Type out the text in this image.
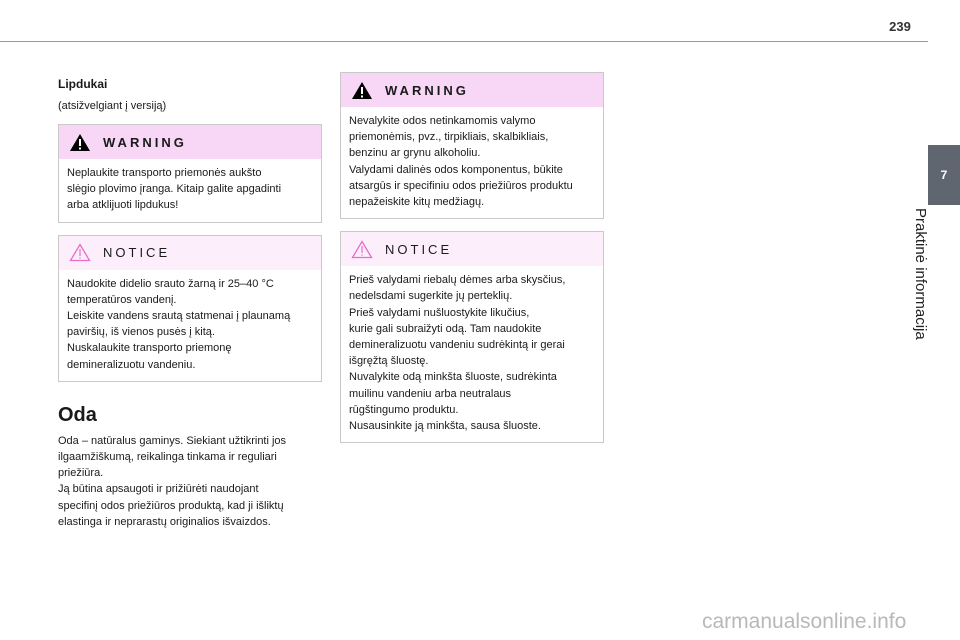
239
7
Praktinė informacija
Lipdukai
(atsižvelgiant į versiją)
WARNING
Neplaukite transporto priemonės aukšto
slėgio plovimo įranga. Kitaip galite apgadinti
arba atklijuoti lipdukus!
NOTICE
Naudokite didelio srauto žarną ir 25–40 °C
temperatūros vandenį.
Leiskite vandens srautą statmenai į plaunamą
paviršių, iš vienos pusės į kitą.
Nuskalaukite transporto priemonę
demineralizuotu vandeniu.
Oda
Oda – natūralus gaminys. Siekiant užtikrinti jos
ilgaamžiškumą, reikalinga tinkama ir reguliari
priežiūra.
Ją būtina apsaugoti ir prižiūrėti naudojant
specifinį odos priežiūros produktą, kad ji išliktų
elastinga ir neprarastų originalios išvaizdos.
WARNING
Nevalykite odos netinkamomis valymo
priemonėmis, pvz., tirpikliais, skalbikliais,
benzinu ar grynu alkoholiu.
Valydami dalinės odos komponentus, būkite
atsargūs ir specifiniu odos priežiūros produktu
nepažeiskite kitų medžiagų.
NOTICE
Prieš valydami riebalų dėmes arba skysčius,
nedelsdami sugerkite jų perteklių.
Prieš valydami nušluostykite likučius,
kurie gali subraižyti odą. Tam naudokite
demineralizuotu vandeniu sudrėkintą ir gerai
išgręžtą šluostę.
Nuvalykite odą minkšta šluoste, sudrėkinta
muilinu vandeniu arba neutralaus
rūgštingumo produktu.
Nusausinkite ją minkšta, sausa šluoste.
carmanualsonline.info
